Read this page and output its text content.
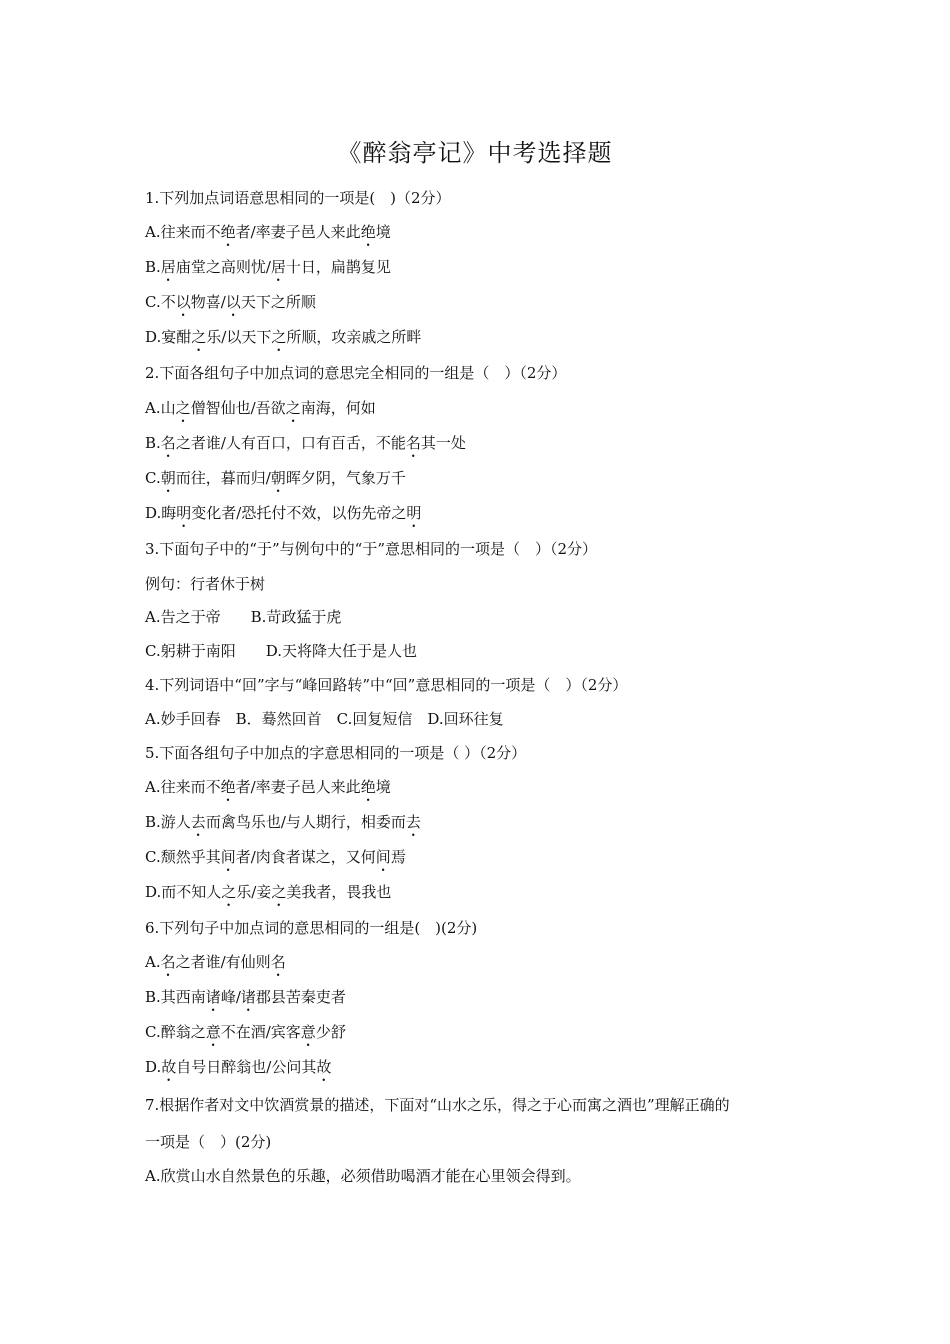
《醉翁亭记》中考选择题
1.下列加点词语意思相同的一项是(　)（2分）
A.往来而不绝者/率妻子邑人来此绝境
B.居庙堂之高则忧/居十日，扁鹊复见
C.不以物喜/以天下之所顺
D.宴酣之乐/以天下之所顺，攻亲戚之所畔
2.下面各组句子中加点词的意思完全相同的一组是（　）（2分）
A.山之僧智仙也/吾欲之南海，何如
B.名之者谁/人有百口，口有百舌，不能名其一处
C.朝而往，暮而归/朝晖夕阴，气象万千
D.晦明变化者/恐托付不效，以伤先帝之明
3.下面句子中的“于”与例句中的“于”意思相同的一项是（　）（2分）
例句：行者休于树
A.告之于帝　　B.苛政猛于虎
C.躬耕于南阳　　D.天将降大任于是人也
4.下列词语中“回”字与“峰回路转”中“回”意思相同的一项是（　）（2分）
A.妙手回春　B．蓦然回首　C.回复短信　D.回环往复
5.下面各组句子中加点的字意思相同的一项是（ ）（2分）
A.往来而不绝者/率妻子邑人来此绝境
B.游人去而禽鸟乐也/与人期行，相委而去
C.颓然乎其间者/肉食者谋之，又何间焉
D.而不知人之乐/妾之美我者，畏我也
6.下列句子中加点词的意思相同的一组是(　)(2分)
A.名之者谁/有仙则名
B.其西南诸峰/诸郡县苦秦吏者
C.醉翁之意不在酒/宾客意少舒
D.故自号日醉翁也/公问其故
7.根据作者对文中饮酒赏景的描述，下面对“山水之乐，得之于心而寓之酒也”理解正确的
一项是（　）(2分)
A.欣赏山水自然景色的乐趣，必须借助喝酒才能在心里领会得到。
